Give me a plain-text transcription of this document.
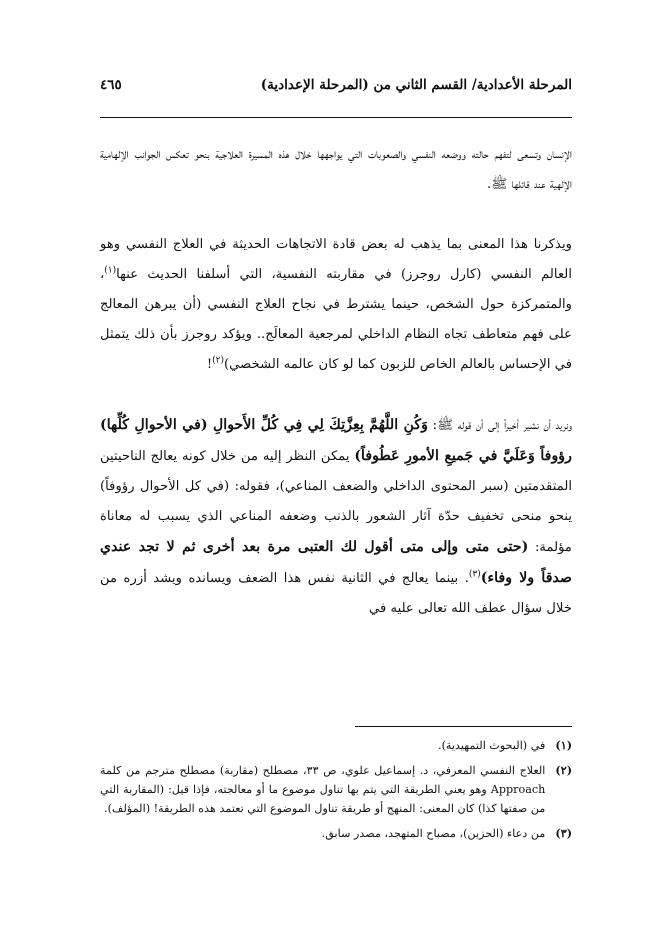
المرحلة الأعدادية/ القسم الثاني من (المرحلة الإعدادية)
٤٦٥

الإنسان وتسعى لتفهم حالته ووضعه النفسي والصعوبات التي يواجهها خلال هذه المسيرة العلاجية بنحو تعكس الجوانب الإلهامية الإلهية عند قائلها ﷺ.

ويذكرنا هذا المعنى بما يذهب له بعض قادة الاتجاهات الحديثة في العلاج النفسي وهو العالم النفسي (كارل روجرز) في مقاربته النفسية، التي أسلفنا الحديث عنها$^{(١)}$، والمتمركزة حول الشخص، حينما يشترط في نجاح العلاج النفسي (أن يبرهن المعالج على فهم متعاطف تجاه النظام الداخلي لمرجعية المعالَج.. ويؤكد روجرز بأن ذلك يتمثل في الإحساس بالعالم الخاص للزبون كما لو كان عالمه الشخصي)$^{(٢)}$!

ونريد أن نشير أخيراً إلى أن قوله ﷺ: وَكُنِ اللَّهُمَّ بِعِزَّتِكَ لِي فِي كُلِّ الأَحوالِ (في الأحوالِ كُلِّها) رؤوفاً وَعَلَيَّ في جَميعِ الأمورِ عَطُوفاً) يمكن النظر إليه من خلال كونه يعالج الناحيتين المتقدمتين (سبر المحتوى الداخلي والضعف المناعي)، فقوله: (في كل الأحوال رؤوفاً) ينحو منحى تخفيف حدّة آثار الشعور بالذنب وضعفه المناعي الذي يسبب له معاناة مؤلمة: (حتى متى وإلى متى أقول لك العتبى مرة بعد أخرى ثم لا تجد عندي صدقاً ولا وفاء)$^{(٣)}$. بينما يعالج في الثانية نفس هذا الضعف ويسانده ويشد أزره من خلال سؤال عطف الله تعالى عليه في

(١)
في (البحوث التمهيدية).
(٢)
العلاج النفسي المعرفي، د. إسماعيل علوي، ص ٣٣، مصطلح (مقاربة) مصطلح مترجم من كلمة Approach وهو يعني الطريقة التي يتم بها تناول موضوع ما أو معالجته، فإذا قيل: (المقاربة التي من صفتها كذا) كان المعنى: المنهج أو طريقة تناول الموضوع التي تعتمد هذه الطريقة! (المؤلف).
(٣)
من دعاء (الحزين)، مصباح المتهجد، مصدر سابق.
